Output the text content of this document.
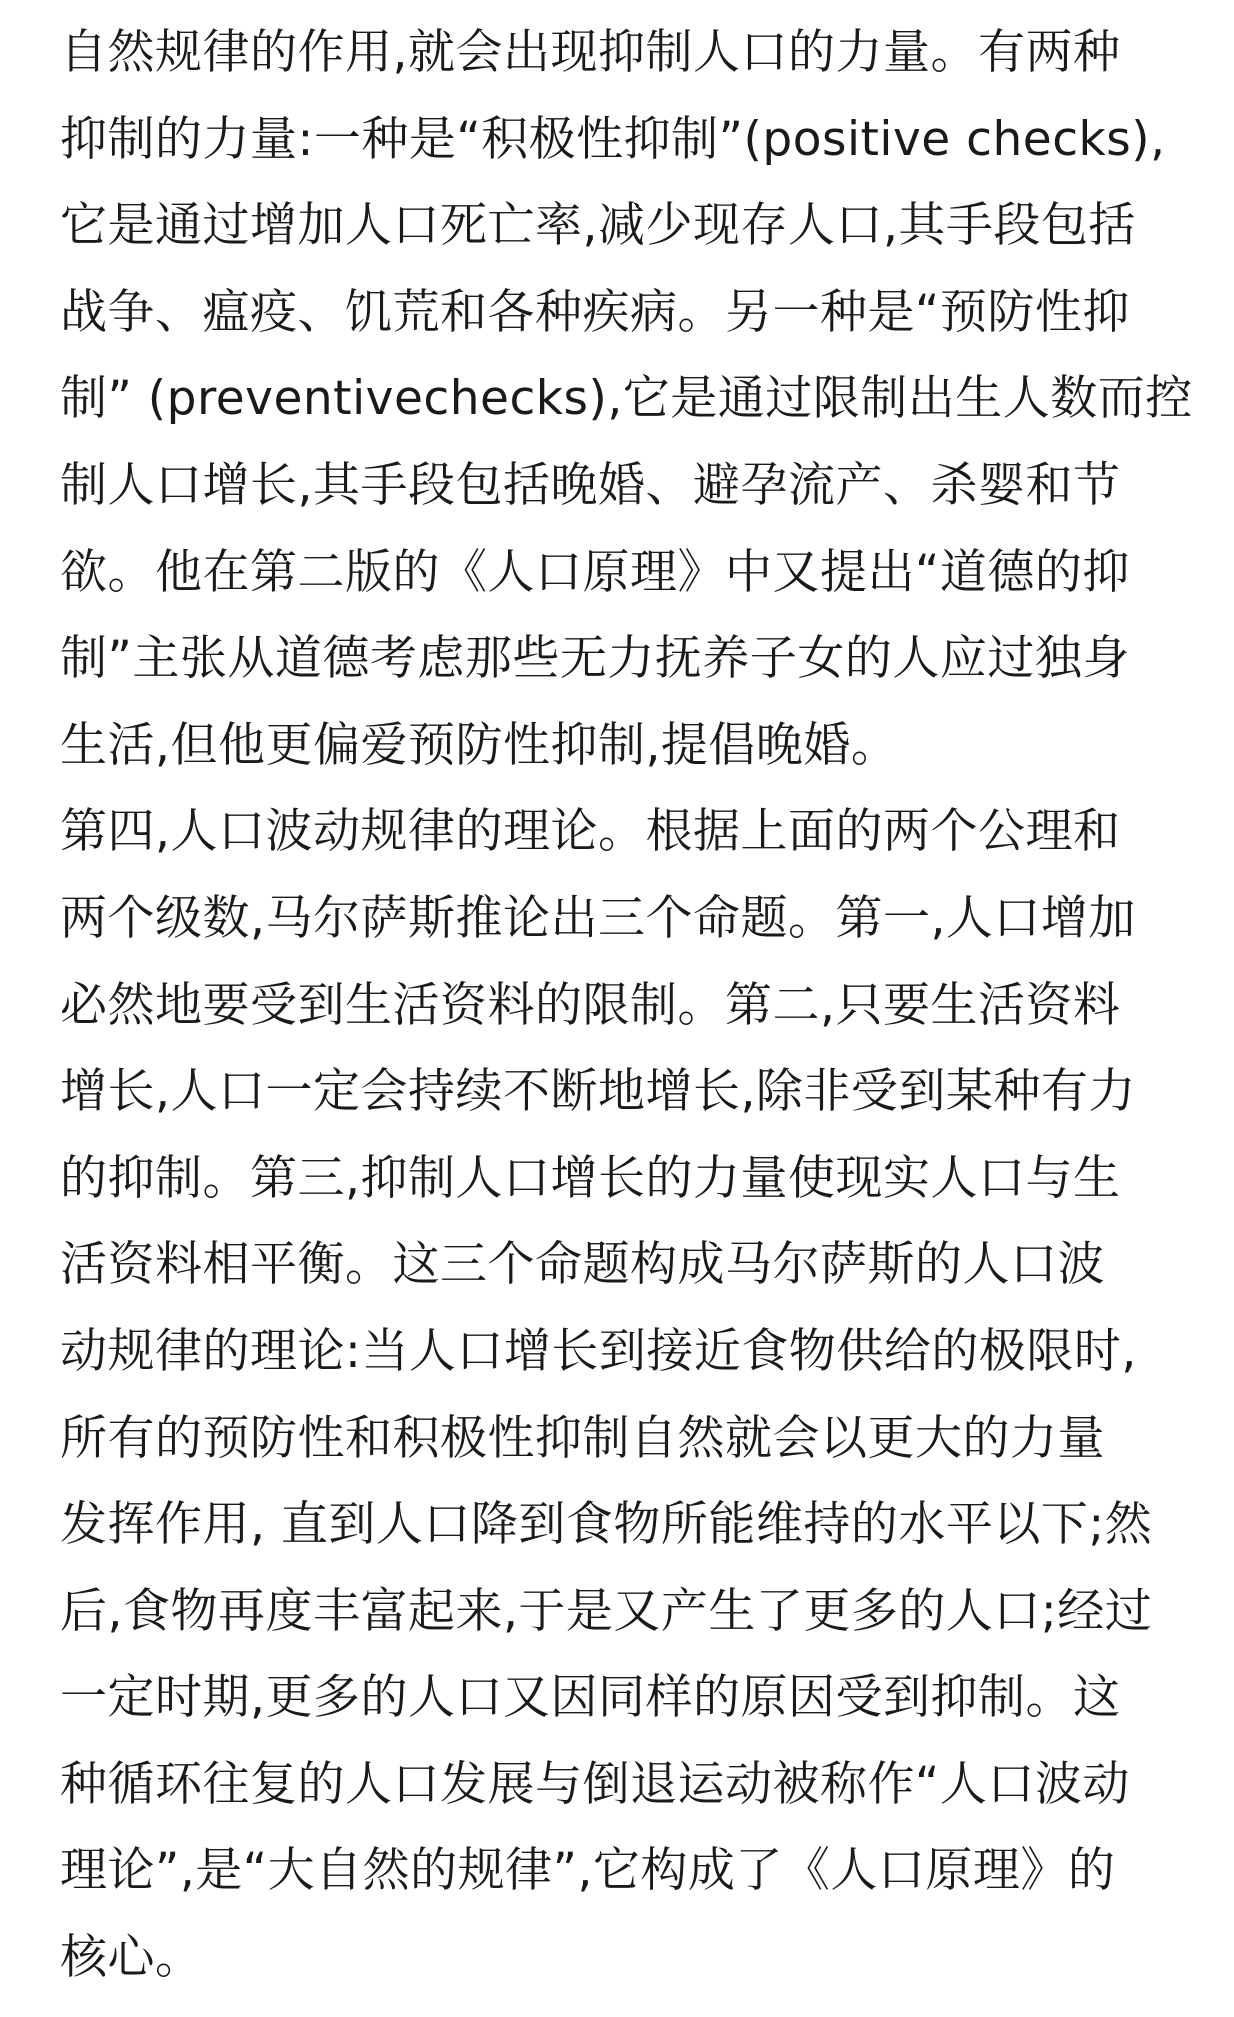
自然规律的作用,就会出现抑制人口的力量。有两种
抑制的力量:一种是“积极性抑制”(positive checks),
它是通过增加人口死亡率,减少现存人口,其手段包括
战争、瘟疫、饥荒和各种疾病。另一种是“预防性抑
制” (preventivechecks),它是通过限制出生人数而控
制人口增长,其手段包括晚婚、避孕流产、杀婴和节
欲。他在第二版的《人口原理》中又提出“道德的抑
制”主张从道德考虑那些无力抚养子女的人应过独身
生活,但他更偏爱预防性抑制,提倡晚婚。
第四,人口波动规律的理论。根据上面的两个公理和
两个级数,马尔萨斯推论出三个命题。第一,人口增加
必然地要受到生活资料的限制。第二,只要生活资料
增长,人口一定会持续不断地增长,除非受到某种有力
的抑制。第三,抑制人口增长的力量使现实人口与生
活资料相平衡。这三个命题构成马尔萨斯的人口波
动规律的理论:当人口增长到接近食物供给的极限时,
所有的预防性和积极性抑制自然就会以更大的力量
发挥作用, 直到人口降到食物所能维持的水平以下;然
后,食物再度丰富起来,于是又产生了更多的人口;经过
一定时期,更多的人口又因同样的原因受到抑制。这
种循环往复的人口发展与倒退运动被称作“人口波动
理论”,是“大自然的规律”,它构成了《人口原理》的
核心。
